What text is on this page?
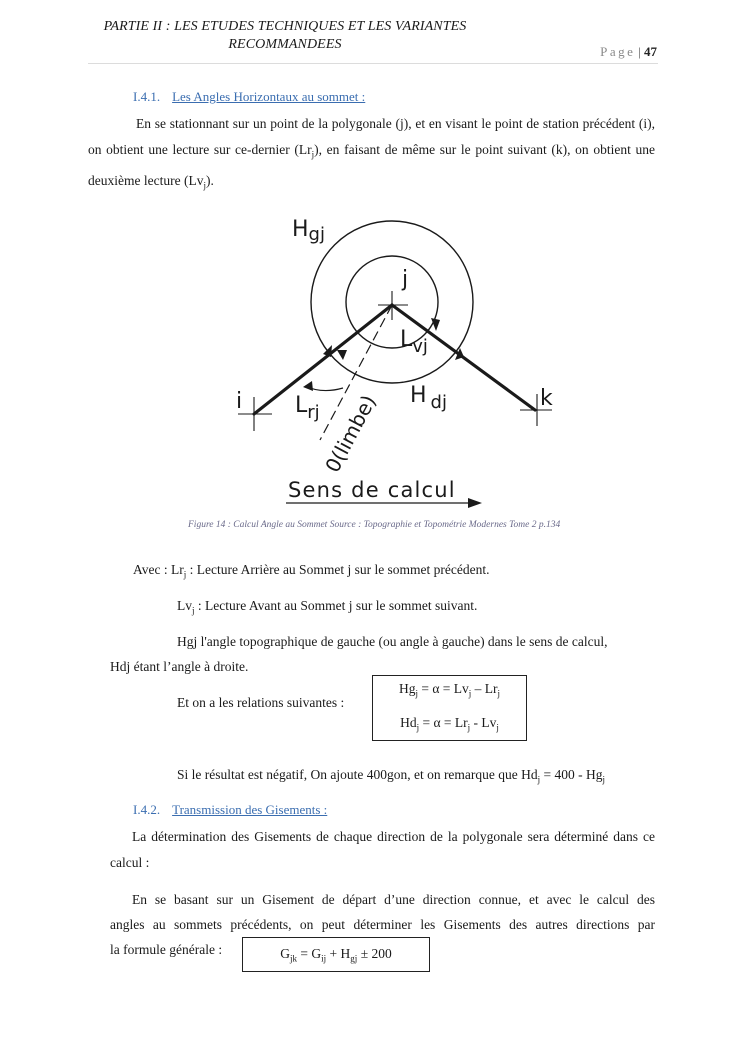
PARTIE II : LES ETUDES TECHNIQUES ET LES VARIANTES
RECOMMANDEES	Page | 47
I.4.1. Les Angles Horizontaux au sommet :
En se stationnant sur un point de la polygonale (j), et en visant le point de station précédent (i), on obtient une lecture sur ce-dernier $(Lr_j)$, en faisant de même sur le point suivant (k), on obtient une deuxième lecture $(Lv_j)$.
Hgj
j
$L_{vj}$
i	k
$L_{rj}$
H $_{dj}$
0(limbe)
Sens de calcul
Figure 14 : Calcul Angle au Sommet Source : Topographie et Topométrie Modernes Tome 2 p.134
Avec : $Lr_j$ : Lecture Arrière au Sommet j sur le sommet précédent.
$Lv_j$ : Lecture Avant au Sommet j sur le sommet suivant.
Hgj l'angle topographique de gauche (ou angle à gauche) dans le sens de calcul,
Hdj étant l’angle à droite.
Et on a les relations suivantes :
$Hg_j = \alpha = Lv_j - Lr_j$
$Hd_j = \alpha = Lr_j - Lv_j$
Si le résultat est négatif, On ajoute 400gon, et on remarque que $Hd_j = 400 - Hg_j$
I.4.2. Transmission des Gisements :
La détermination des Gisements de chaque direction de la polygonale sera déterminé dans ce calcul :
En se basant sur un Gisement de départ d’une direction connue, et avec le calcul des
angles au sommets précédents, on peut déterminer les Gisements des autres directions par
la formule générale :	$G_{jk} = G_{ij} + H_{gj} \pm 200$
